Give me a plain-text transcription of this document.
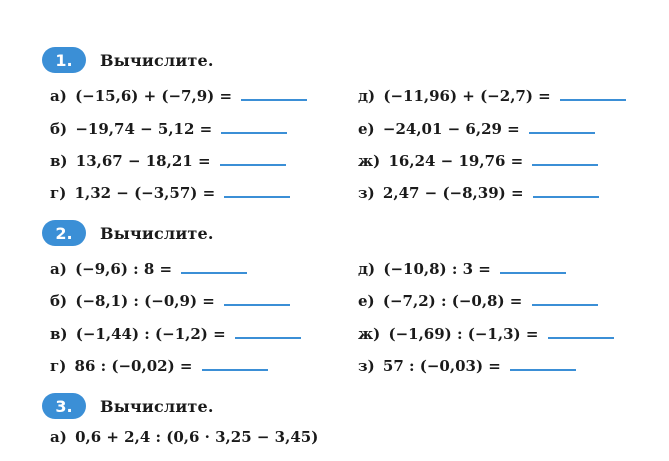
1.	Вычислите.
а) (−15,6) + (−7,9) =
б) −19,74 − 5,12 =
в) 13,67 − 18,21 =
г) 1,32 − (−3,57) =
д) (−11,96) + (−2,7) =
е) −24,01 − 6,29 =
ж) 16,24 − 19,76 =
з) 2,47 − (−8,39) =
2.	Вычислите.
а) (−9,6) : 8 =
б) (−8,1) : (−0,9) =
в) (−1,44) : (−1,2) =
г) 86 : (−0,02) =
д) (−10,8) : 3 =
е) (−7,2) : (−0,8) =
ж) (−1,69) : (−1,3) =
з) 57 : (−0,03) =
3.	Вычислите.
а) 0,6 + 2,4 : (0,6 · 3,25 − 3,45)
